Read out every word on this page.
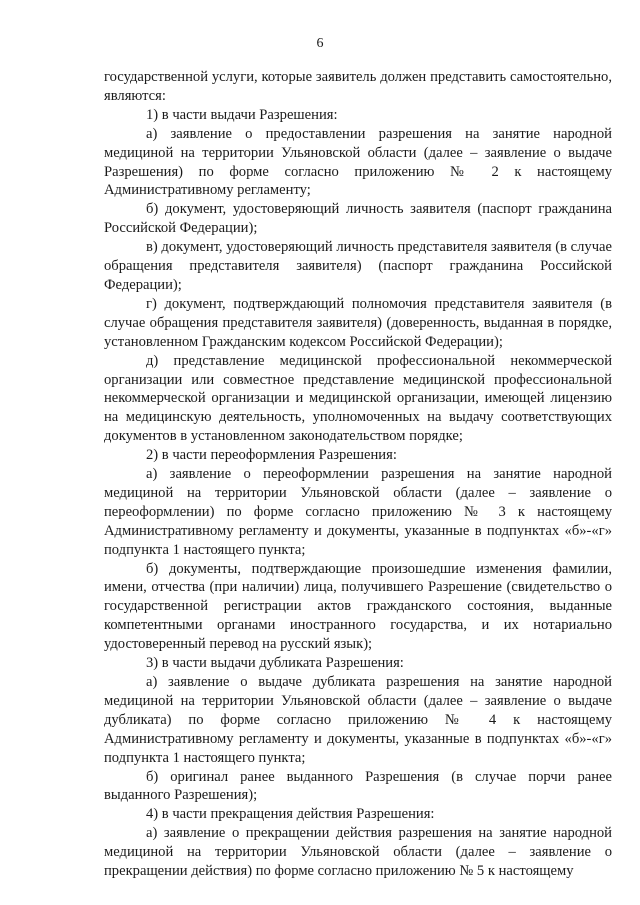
6

государственной услуги, которые заявитель должен представить самостоятельно, являются:

1) в части выдачи Разрешения:

а) заявление о предоставлении разрешения на занятие народной медициной на территории Ульяновской области (далее – заявление о выдаче Разрешения) по форме согласно приложению № 2 к настоящему Административному регламенту;

б) документ, удостоверяющий личность заявителя (паспорт гражданина Российской Федерации);

в) документ, удостоверяющий личность представителя заявителя (в случае обращения представителя заявителя) (паспорт гражданина Российской Федерации);

г) документ, подтверждающий полномочия представителя заявителя (в случае обращения представителя заявителя) (доверенность, выданная в порядке, установленном Гражданским кодексом Российской Федерации);

д) представление медицинской профессиональной некоммерческой организации или совместное представление медицинской профессиональной некоммерческой организации и медицинской организации, имеющей лицензию на медицинскую деятельность, уполномоченных на выдачу соответствующих документов в установленном законодательством порядке;

2) в части переоформления Разрешения:

а) заявление о переоформлении разрешения на занятие народной медициной на территории Ульяновской области (далее – заявление о переоформлении) по форме согласно приложению № 3 к настоящему Административному регламенту и документы, указанные в подпунктах «б»-«г» подпункта 1 настоящего пункта;

б) документы, подтверждающие произошедшие изменения фамилии, имени, отчества (при наличии) лица, получившего Разрешение (свидетельство о государственной регистрации актов гражданского состояния, выданные компетентными органами иностранного государства, и их нотариально удостоверенный перевод на русский язык);

3) в части выдачи дубликата Разрешения:

а) заявление о выдаче дубликата разрешения на занятие народной медициной на территории Ульяновской области (далее – заявление о выдаче дубликата) по форме согласно приложению № 4 к настоящему Административному регламенту и документы, указанные в подпунктах «б»-«г» подпункта 1 настоящего пункта;

б) оригинал ранее выданного Разрешения (в случае порчи ранее выданного Разрешения);

4) в части прекращения действия Разрешения:

а) заявление о прекращении действия разрешения на занятие народной медициной на территории Ульяновской области (далее – заявление о прекращении действия) по форме согласно приложению № 5 к настоящему
